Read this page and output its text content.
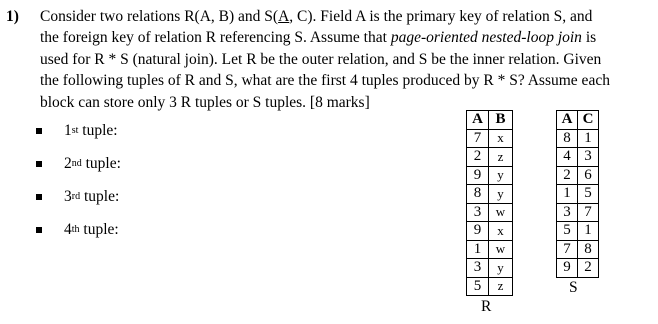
1) Consider two relations R(A, B) and S(A, C). Field A is the primary key of relation S, and
the foreign key of relation R referencing S. Assume that page-oriented nested-loop join is
used for R * S (natural join). Let R be the outer relation, and S be the inner relation. Given
the following tuples of R and S, what are the first 4 tuples produced by R * S? Assume each
block can store only 3 R tuples or S tuples. [8 marks]
1 st
tuple:
2 nd
tuple:
3 rd
tuple:
4 th
tuple:
A	B
7	x
2	z
9	y
8	y
3	w
9	x
1	w
3	y
5	z
R
A	C
8	1
4	3
2	6
1	5
3	7
5	1
7	8
9	2
S
